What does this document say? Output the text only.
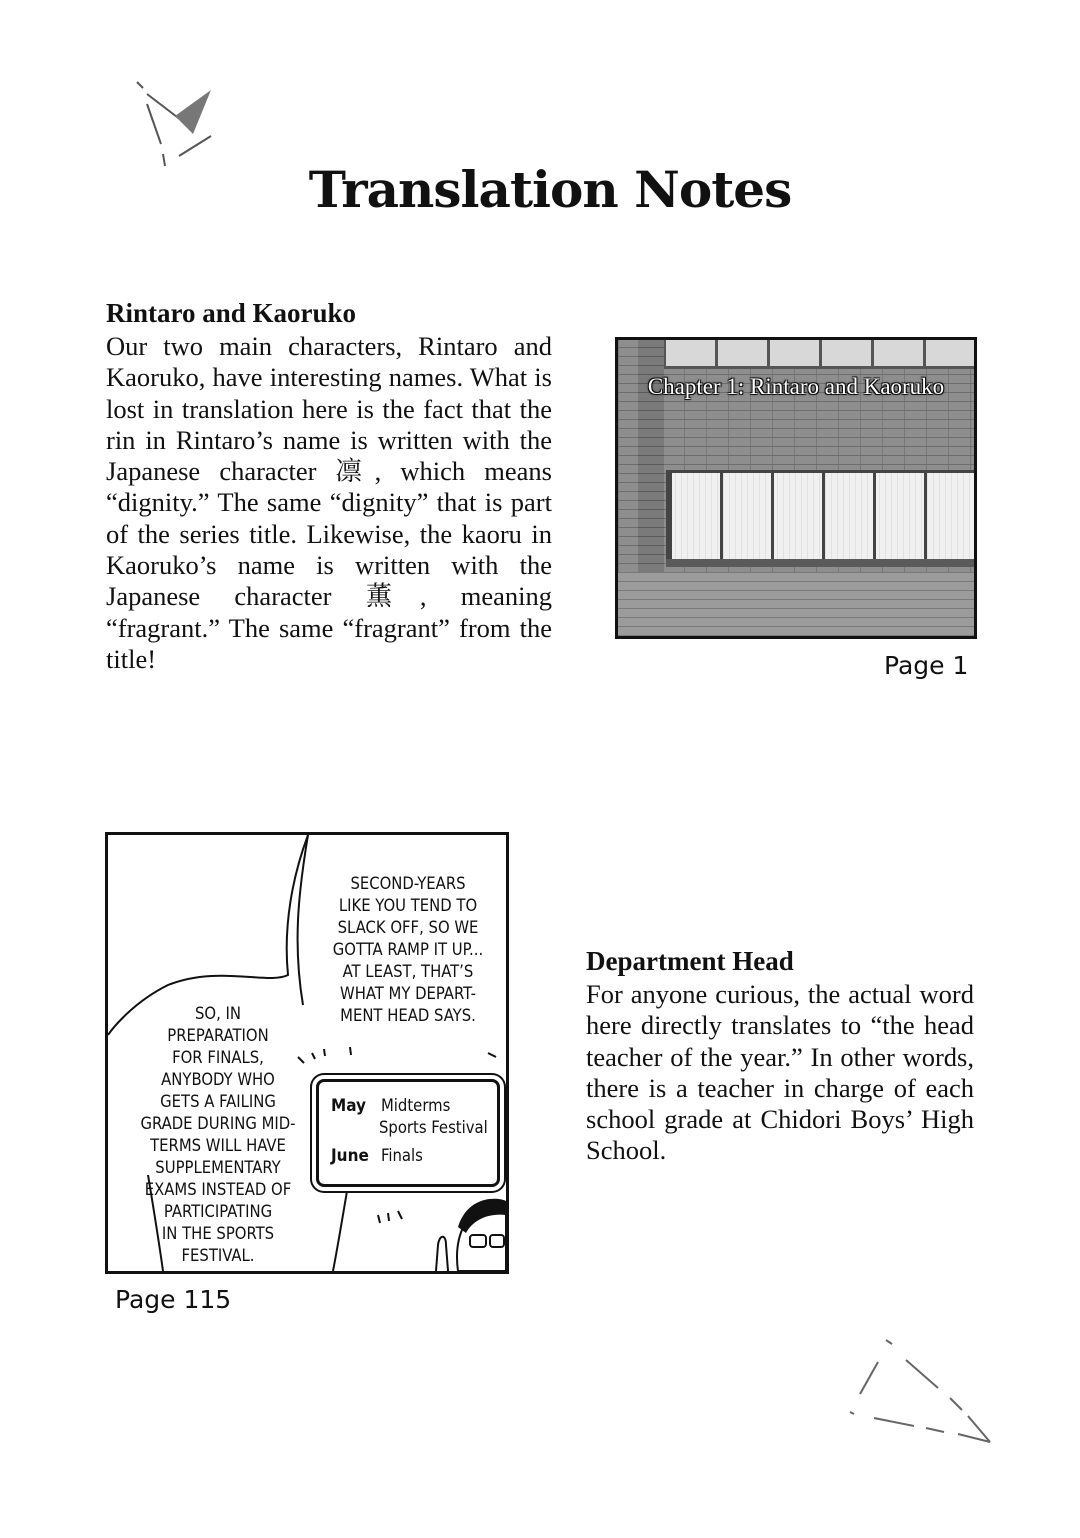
Translation Notes
Rintaro and Kaoruko

Our two main characters, Rintaro and Kaoruko, have interesting names. What is lost in translation here is the fact that the rin in Rintaro’s name is written with the Japanese character 凛, which means “dignity.” The same “dignity” that is part of the series title. Likewise, the kaoru in Kaoruko’s name is written with the Japanese character 薫, meaning “fragrant.” The same “fragrant” from the title!

Chapter 1: Rintaro and Kaoruko
Page 1
SECOND-YEARS
LIKE YOU TEND TO
SLACK OFF, SO WE
GOTTA RAMP IT UP...
AT LEAST, THAT’S
WHAT MY DEPART-
MENT HEAD SAYS.
SO, IN
PREPARATION
FOR FINALS,
ANYBODY WHO
GETS A FAILING
GRADE DURING MID-
TERMS WILL HAVE
SUPPLEMENTARY
EXAMS INSTEAD OF
PARTICIPATING
IN THE SPORTS
FESTIVAL.
May Midterms
Sports Festival
June Finals
Page 115
Department Head

For anyone curious, the actual word here directly translates to “the head teacher of the year.” In other words, there is a teacher in charge of each school grade at Chidori Boys’ High School.
